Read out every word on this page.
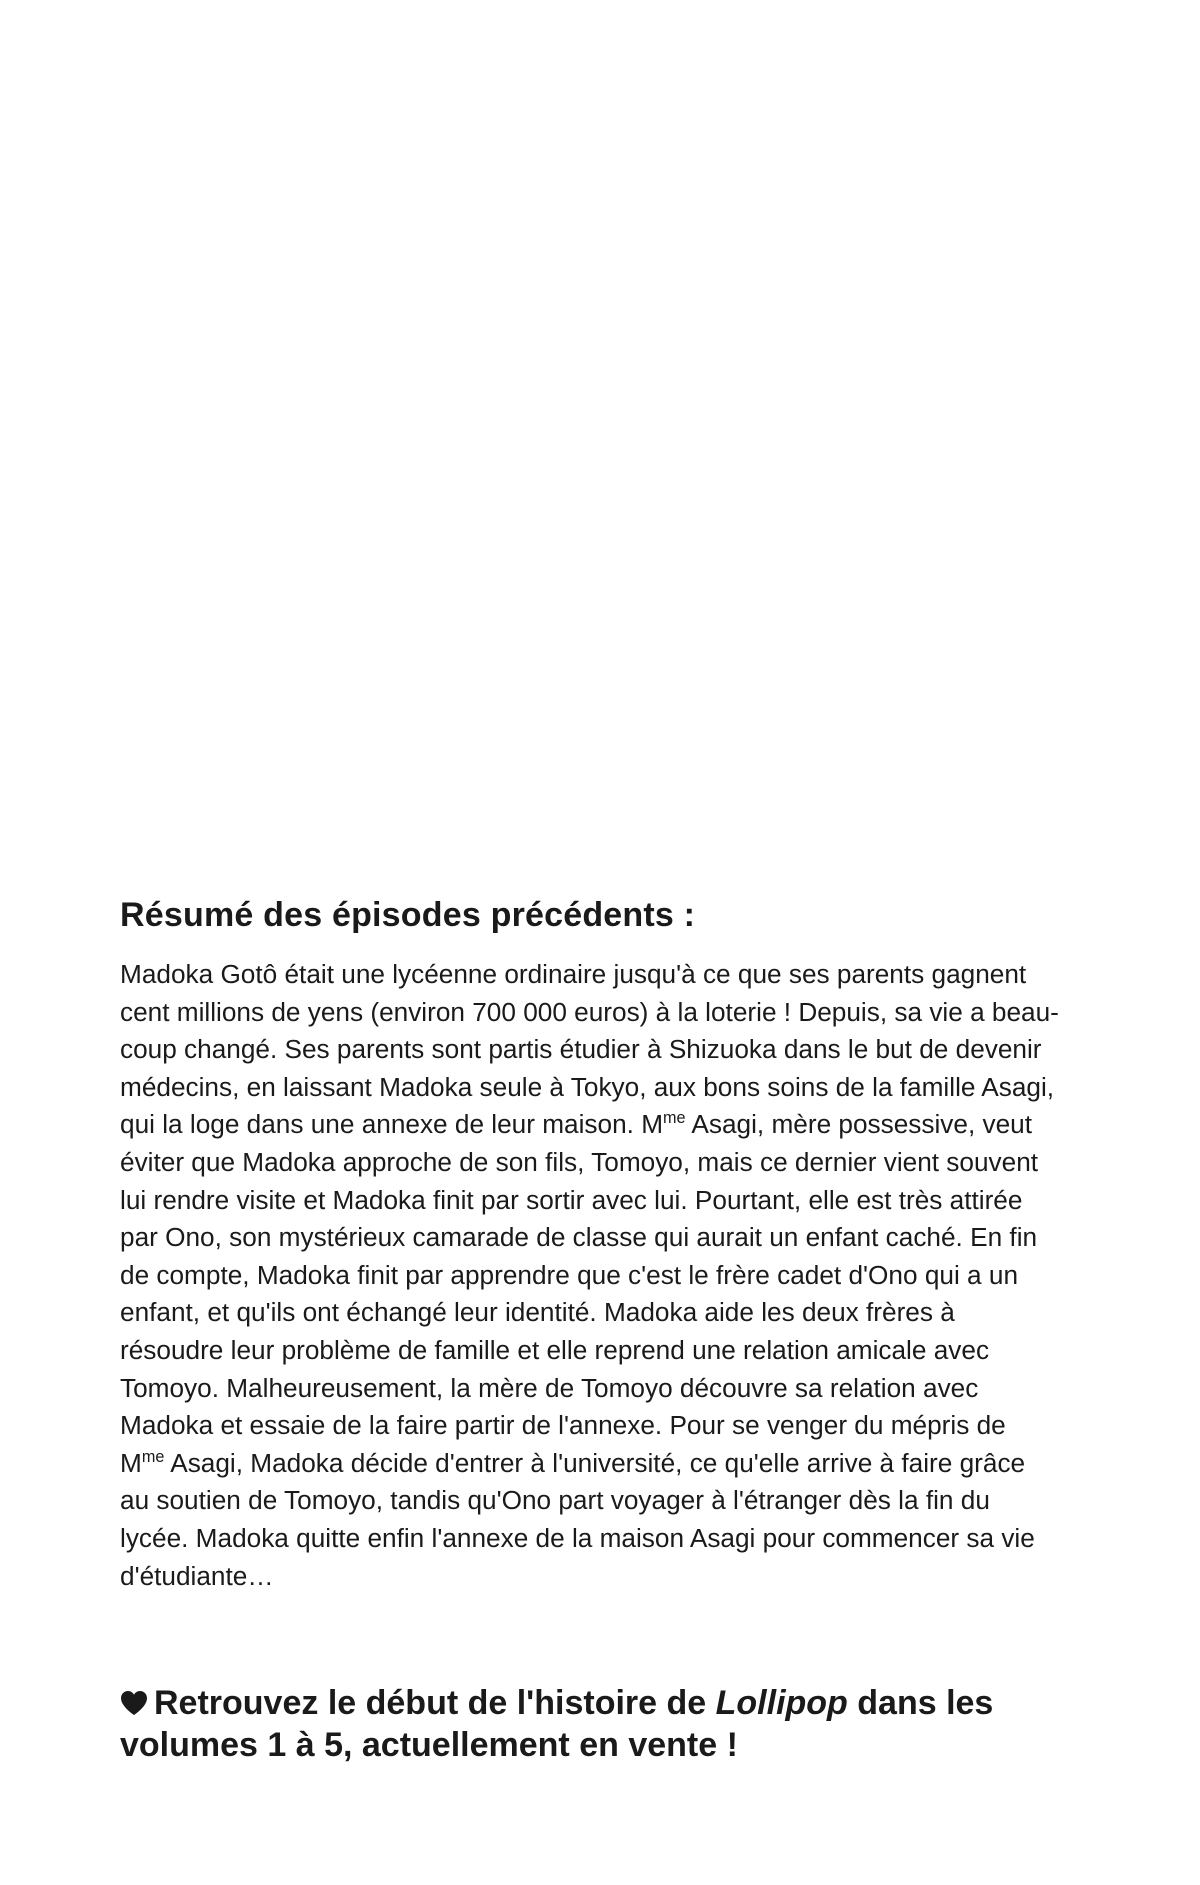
Résumé des épisodes précédents :
Madoka Gotô était une lycéenne ordinaire jusqu'à ce que ses parents gagnent
cent millions de yens (environ 700 000 euros) à la loterie ! Depuis, sa vie a beau-
coup changé. Ses parents sont partis étudier à Shizuoka dans le but de devenir
médecins, en laissant Madoka seule à Tokyo, aux bons soins de la famille Asagi,
qui la loge dans une annexe de leur maison. $M^{me}$ Asagi, mère possessive, veut
éviter que Madoka approche de son fils, Tomoyo, mais ce dernier vient souvent
lui rendre visite et Madoka finit par sortir avec lui. Pourtant, elle est très attirée
par Ono, son mystérieux camarade de classe qui aurait un enfant caché. En fin
de compte, Madoka finit par apprendre que c'est le frère cadet d'Ono qui a un
enfant, et qu'ils ont échangé leur identité. Madoka aide les deux frères à
résoudre leur problème de famille et elle reprend une relation amicale avec
Tomoyo. Malheureusement, la mère de Tomoyo découvre sa relation avec
Madoka et essaie de la faire partir de l'annexe. Pour se venger du mépris de
$M^{me}$ Asagi, Madoka décide d'entrer à l'université, ce qu'elle arrive à faire grâce
au soutien de Tomoyo, tandis qu'Ono part voyager à l'étranger dès la fin du
lycée. Madoka quitte enfin l'annexe de la maison Asagi pour commencer sa vie
d'étudiante…
Retrouvez le début de l'histoire de Lollipop dans les
volumes 1 à 5, actuellement en vente !
